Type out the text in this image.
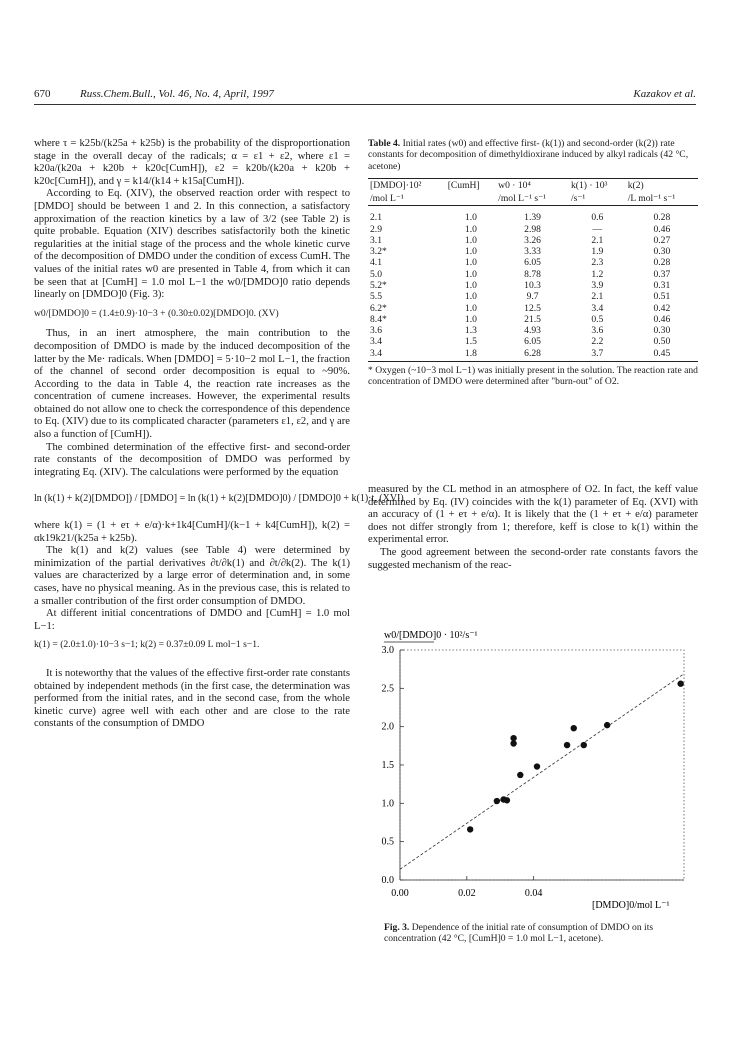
670	Russ.Chem.Bull., Vol. 46, No. 4, April, 1997	Kazakov et al.

where τ = k25b/(k25a + k25b) is the probability of the disproportionation stage in the overall decay of the radicals; α = ε1 + ε2, where ε1 = k20a/(k20a + k20b + k20c[CumH]), ε2 = k20b/(k20a + k20b + k20c[CumH]), and γ = k14/(k14 + k15a[CumH]).

According to Eq. (XIV), the observed reaction order with respect to [DMDO] should be between 1 and 2. In this connection, a satisfactory approximation of the reaction kinetics by a law of 3/2 (see Table 2) is quite probable. Equation (XIV) describes satisfactorily both the kinetic regularities at the initial stage of the process and the whole kinetic curve of the decomposition of DMDO under the condition of excess CumH. The values of the initial rates w0 are presented in Table 4, from which it can be seen that at [CumH] = 1.0 mol L−1 the w0/[DMDO]0 ratio depends linearly on [DMDO]0 (Fig. 3):

w0/[DMDO]0 = (1.4±0.9)·10−3 + (0.30±0.02)[DMDO]0. (XV)

Thus, in an inert atmosphere, the main contribution to the decomposition of DMDO is made by the induced decomposition of the latter by the Me· radicals. When [DMDO] = 5·10−2 mol L−1, the fraction of the channel of second order decomposition is equal to ~90%. According to the data in Table 4, the reaction rate increases as the concentration of cumene increases. However, the experimental results obtained do not allow one to check the correspondence of this dependence to Eq. (XIV) due to its complicated character (parameters ε1, ε2, and γ are also a function of [CumH]).

The combined determination of the effective first- and second-order rate constants of the decomposition of DMDO was performed by integrating Eq. (XIV). The calculations were performed by the equation

ln (k(1) + k(2)[DMDO]) / [DMDO] = ln (k(1) + k(2)[DMDO]0) / [DMDO]0 + k(1)·t, (XVI)

where k(1) = (1 + eτ + e/α)·k+1k4[CumH]/(k−1 + k4[CumH]), k(2) = αk19k21/(k25a + k25b).

The k(1) and k(2) values (see Table 4) were determined by minimization of the partial derivatives ∂t/∂k(1) and ∂t/∂k(2). The k(1) values are characterized by a large error of determination and, in some cases, have no physical meaning. As in the previous case, this is related to a smaller contribution of the first order consumption of DMDO.

At different initial concentrations of DMDO and [CumH] = 1.0 mol L−1:

k(1) = (2.0±1.0)·10−3 s−1; k(2) = 0.37±0.09 L mol−1 s−1.

It is noteworthy that the values of the effective first-order rate constants obtained by independent methods (in the first case, the determination was performed from the initial rates, and in the second case, from the whole kinetic curve) agree well with each other and are close to the rate constants of the consumption of DMDO

Table 4. Initial rates (w0) and effective first- (k(1)) and second-order (k(2)) rate constants for decomposition of dimethyldioxirane induced by alkyl radicals (42 °C, acetone)
[DMDO]·10²	[CumH]	w0 · 10⁴	k(1) · 10³	k(2)
/mol L⁻¹		/mol L⁻¹ s⁻¹	/s⁻¹	/L mol⁻¹ s⁻¹
2.1	1.0	1.39	0.6	0.28
2.9	1.0	2.98	—	0.46
3.1	1.0	3.26	2.1	0.27
3.2*	1.0	3.33	1.9	0.30
4.1	1.0	6.05	2.3	0.28
5.0	1.0	8.78	1.2	0.37
5.2*	1.0	10.3	3.9	0.31
5.5	1.0	9.7	2.1	0.51
6.2*	1.0	12.5	3.4	0.42
8.4*	1.0	21.5	0.5	0.46
3.6	1.3	4.93	3.6	0.30
3.4	1.5	6.05	2.2	0.50
3.4	1.8	6.28	3.7	0.45
* Oxygen (~10−3 mol L−1) was initially present in the solution. The reaction rate and concentration of DMDO were determined after "burn-out" of O2.

measured by the CL method in an atmosphere of O2. In fact, the keff value determined by Eq. (IV) coincides with the k(1) parameter of Eq. (XVI) with an accuracy of (1 + eτ + e/α). It is likely that the (1 + eτ + e/α) parameter does not differ strongly from 1; therefore, keff is close to k(1) within the experimental error.

The good agreement between the second-order rate constants favors the suggested mechanism of the reac-

w0/[DMDO]0 · 10²/s⁻¹
[DMDO]0/mol L⁻¹
0.0
0.5
1.0
1.5
2.0
2.5
3.0
0.00	0.02	0.04
Fig. 3. Dependence of the initial rate of consumption of DMDO on its concentration (42 °C, [CumH]0 = 1.0 mol L−1, acetone).
